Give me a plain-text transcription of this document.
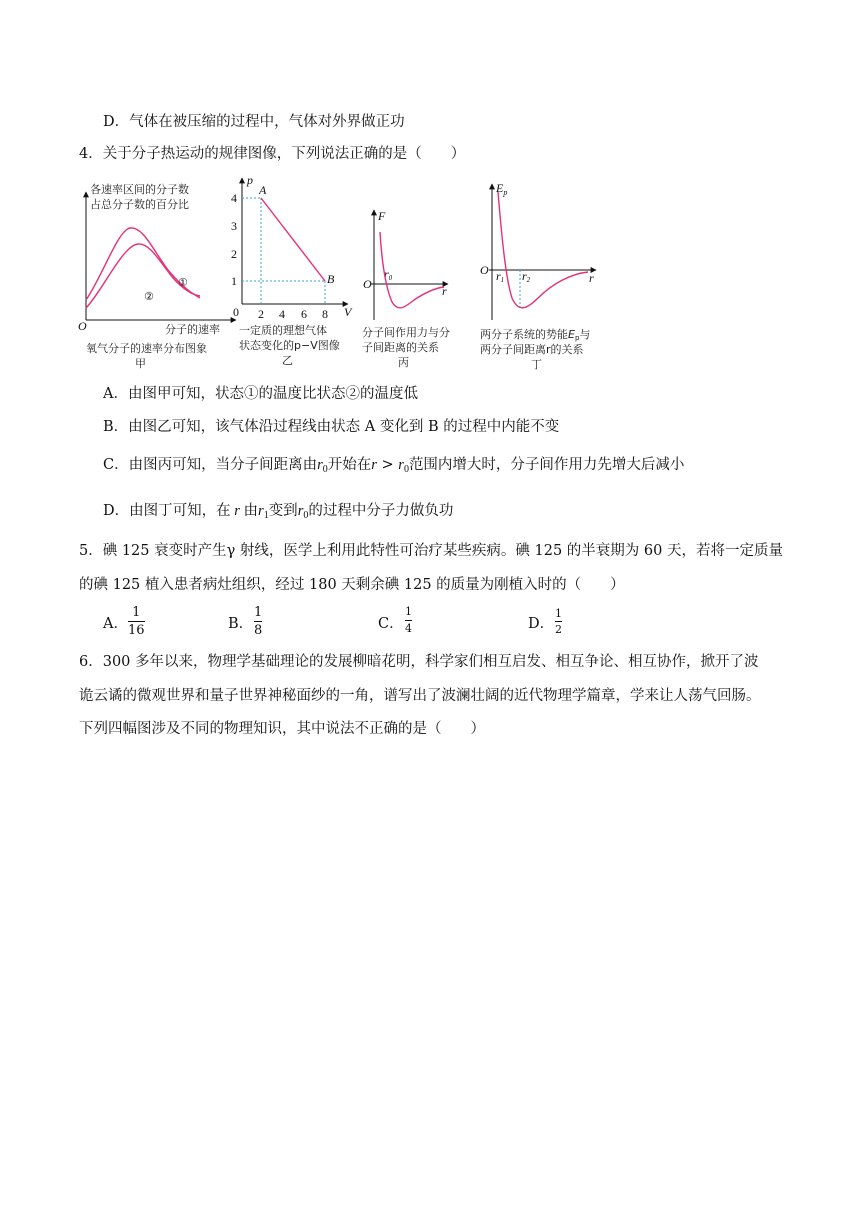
D．气体在被压缩的过程中，气体对外界做正功
4．关于分子热运动的规律图像，下列说法正确的是（　　）
各速率区间的分子数
占总分子数的百分比
O	分子的速率
①
②
氧气分子的速率分布图象
甲
p
V
0
4
3
2
1
2 4 6 8
A
B
一定质的理想气体
状态变化的p−V图像
乙
F
r
O
r0
分子间作用力与分
子间距离的关系
丙
$E_p$
r
O r1 r2
两分子系统的势能Ep与
两分子间距离r的关系
丁
A．由图甲可知，状态①的温度比状态②的温度低
B．由图乙可知，该气体沿过程线由状态 A 变化到 B 的过程中内能不变
C．由图丙可知，当分子间距离由$r_0$开始在$r > r_0$范围内增大时，分子间作用力先增大后减小
D．由图丁可知，在 r 由$r_1$变到$r_0$的过程中分子力做负功
5．碘 125 衰变时产生γ 射线，医学上利用此特性可治疗某些疾病。碘 125 的半衰期为 60 天，若将一定质量
的碘 125 植入患者病灶组织，经过 180 天剩余碘 125 的质量为刚植入时的（　　）
A．
1
16	B．
1
8	C．
1
4	D．
1
2
6．300 多年以来，物理学基础理论的发展柳暗花明，科学家们相互启发、相互争论、相互协作，掀开了波
诡云谲的微观世界和量子世界神秘面纱的一角，谱写出了波澜壮阔的近代物理学篇章，学来让人荡气回肠。
下列四幅图涉及不同的物理知识，其中说法不正确的是（　　）
